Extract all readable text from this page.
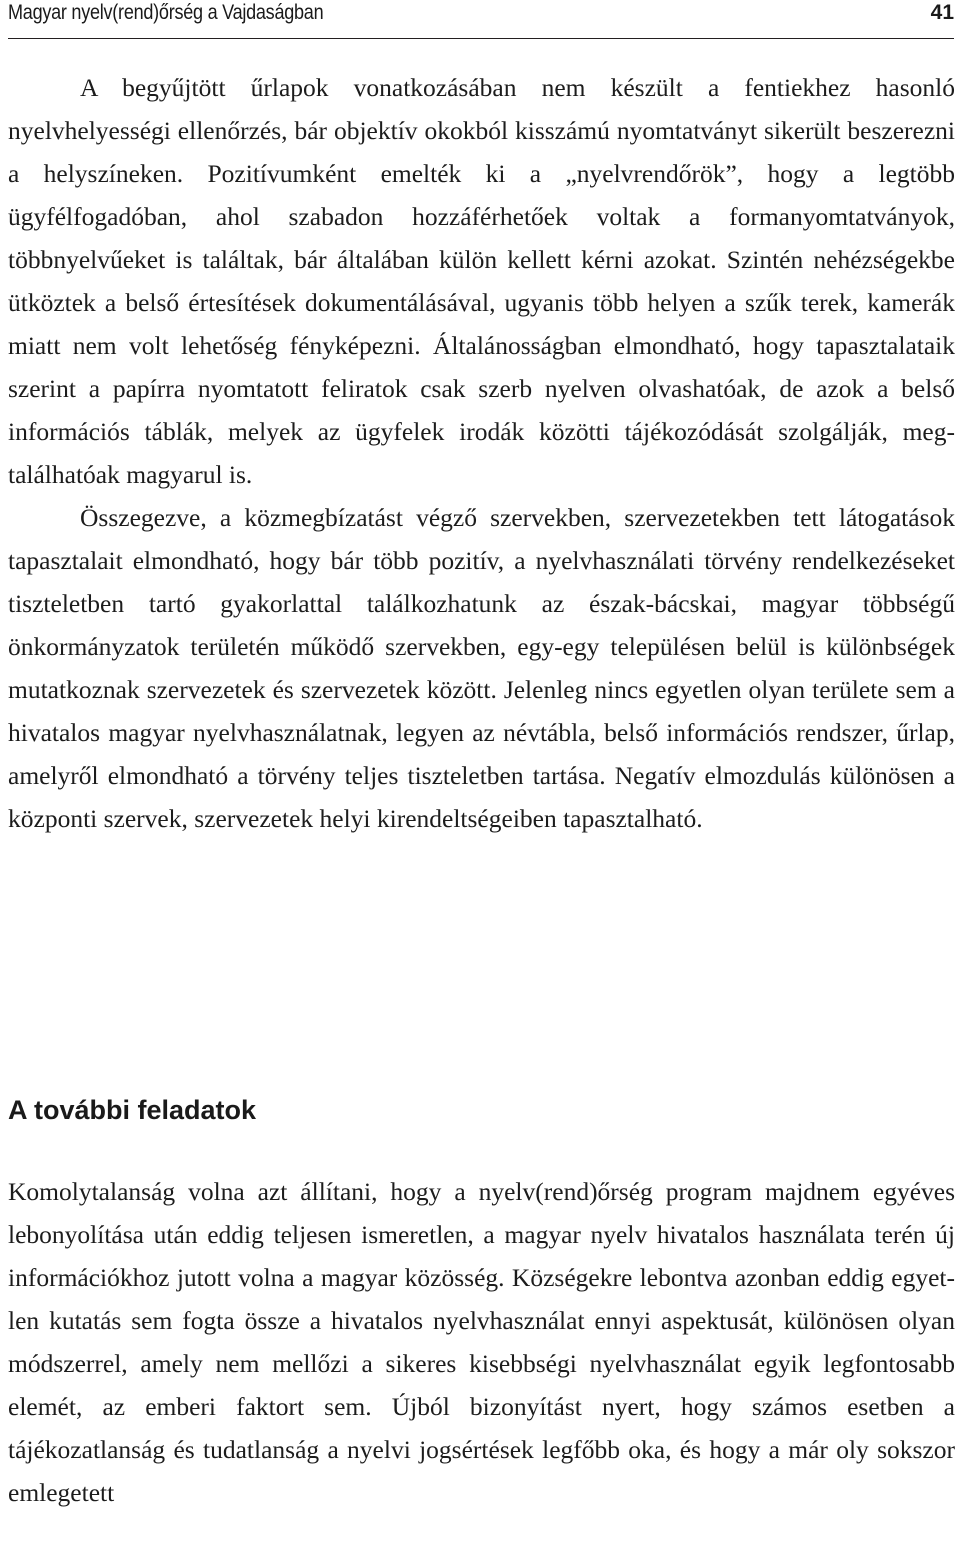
Magyar nyelv(rend)őrség a Vajdaságban	41

A begyűjtött űrlapok vonatkozásában nem készült a fentiekhez hasonló nyelvhelyességi ellenőrzés, bár objektív okokból kisszámú nyomtatványt sikerült beszerezni a helyszíneken. Pozitívumként emelték ki a „nyelvrendőrök”, hogy a legtöbb ügyfélfogadóban, ahol szabadon hozzáférhetőek voltak a formanyomtatványok, többnyelvűeket is találtak, bár általában külön kellett kérni azokat. Szintén nehézségekbe ütköztek a belső értesítések dokumentálásával, ugyanis több helyen a szűk terek, kamerák miatt nem volt lehetőség fényképezni. Általánosságban elmondható, hogy tapasztalataik szerint a papírra nyomtatott feliratok csak szerb nyelven olvashatóak, de azok a belső információs táblák, melyek az ügyfelek irodák közötti tájékozódását szolgálják, megtalálhatóak magyarul is.

Összegezve, a közmegbízatást végző szervekben, szervezetekben tett látogatások tapasztalait elmondható, hogy bár több pozitív, a nyelvhasználati törvény rendelkezéseket tiszteletben tartó gyakorlattal találkozhatunk az észak-bácskai, magyar többségű önkormányzatok területén működő szervekben, egy-egy településen belül is különbségek mutatkoznak szervezetek és szervezetek között. Jelenleg nincs egyetlen olyan területe sem a hivatalos magyar nyelvhasználatnak, legyen az névtábla, belső információs rendszer, űrlap, amelyről elmondható a törvény teljes tiszteletben tartása. Negatív elmozdulás különösen a központi szervek, szervezetek helyi kirendeltségeiben tapasztalható.

A további feladatok

Komolytalanság volna azt állítani, hogy a nyelv(rend)őrség program majdnem egyéves lebonyolítása után eddig teljesen ismeretlen, a magyar nyelv hivatalos használata terén új információkhoz jutott volna a magyar közösség. Községekre lebontva azonban eddig egyetlen kutatás sem fogta össze a hivatalos nyelvhasználat ennyi aspektusát, különösen olyan módszerrel, amely nem mellőzi a sikeres kisebbségi nyelvhasználat egyik legfontosabb elemét, az emberi faktort sem. Újból bizonyítást nyert, hogy számos esetben a tájékozatlanság és tudatlanság a nyelvi jogsértések legfőbb oka, és hogy a már oly sokszor emlegetett
